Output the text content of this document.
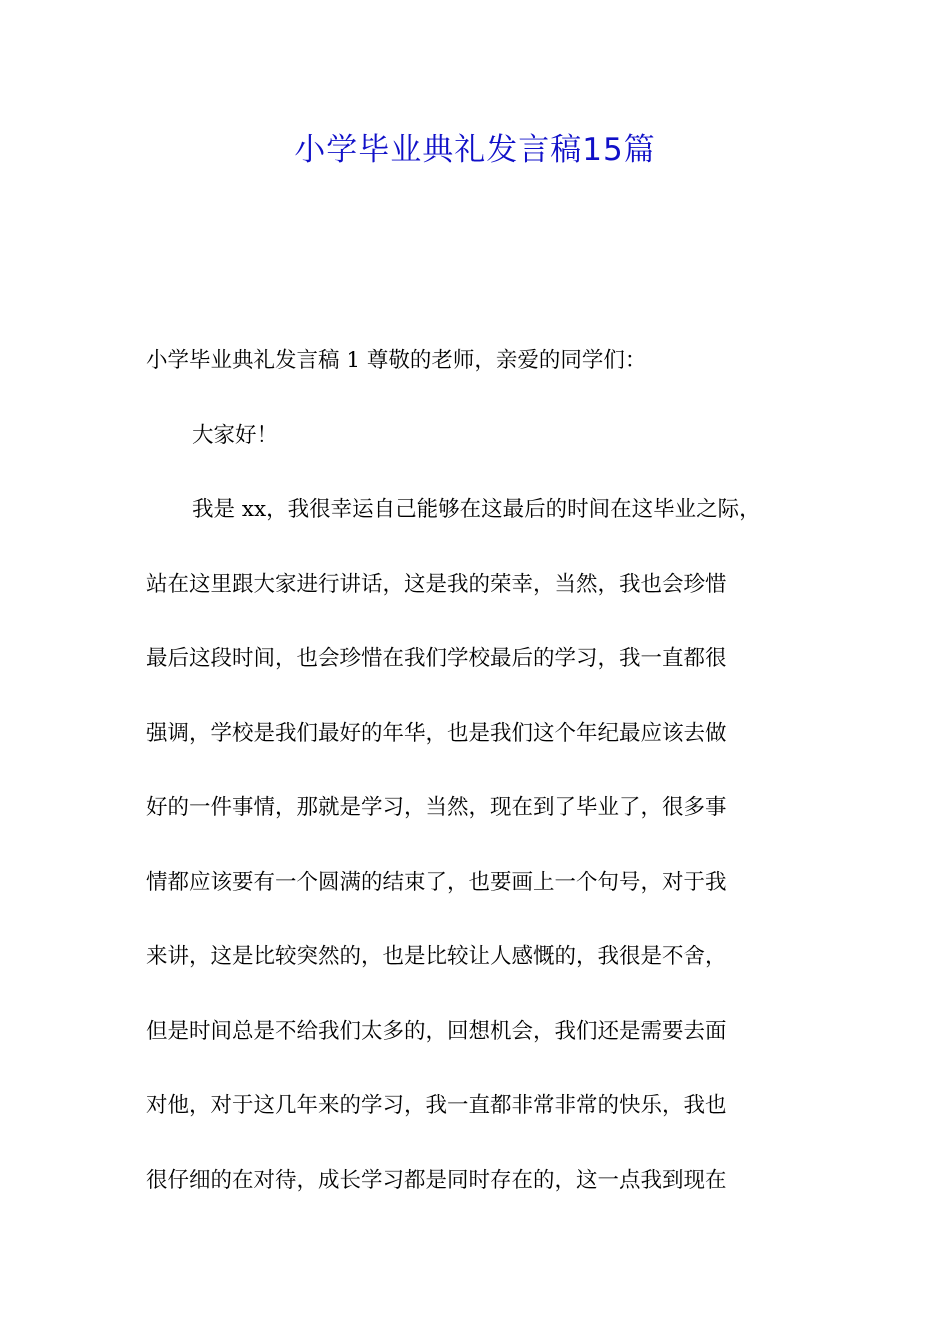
小学毕业典礼发言稿15篇
小学毕业典礼发言稿 1 尊敬的老师，亲爱的同学们：
大家好！
我是 xx，我很幸运自己能够在这最后的时间在这毕业之际，
站在这里跟大家进行讲话，这是我的荣幸，当然，我也会珍惜
最后这段时间，也会珍惜在我们学校最后的学习，我一直都很
强调，学校是我们最好的年华，也是我们这个年纪最应该去做
好的一件事情，那就是学习，当然，现在到了毕业了，很多事
情都应该要有一个圆满的结束了，也要画上一个句号，对于我
来讲，这是比较突然的，也是比较让人感慨的，我很是不舍，
但是时间总是不给我们太多的，回想机会，我们还是需要去面
对他，对于这几年来的学习，我一直都非常非常的快乐，我也
很仔细的在对待，成长学习都是同时存在的，这一点我到现在
